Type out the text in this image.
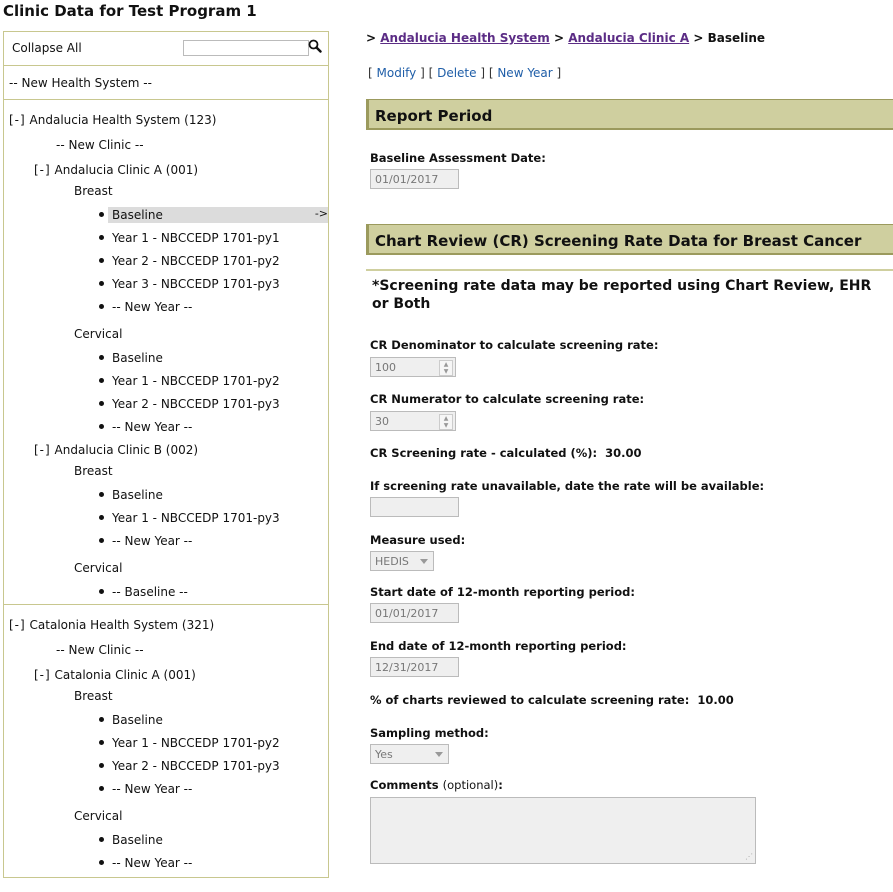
Clinic Data for Test Program 1
Collapse All
-- New Health System --
[-] Andalucia Health System (123)
-- New Clinic --
[-] Andalucia Clinic A (001)
Breast
->
Baseline
Year 1 - NBCCEDP 1701-py1
Year 2 - NBCCEDP 1701-py2
Year 3 - NBCCEDP 1701-py3
-- New Year --
Cervical
Baseline
Year 1 - NBCCEDP 1701-py2
Year 2 - NBCCEDP 1701-py3
-- New Year --
[-] Andalucia Clinic B (002)
Breast
Baseline
Year 1 - NBCCEDP 1701-py3
-- New Year --
Cervical
-- Baseline --
[-] Catalonia Health System (321)
-- New Clinic --
[-] Catalonia Clinic A (001)
Breast
Baseline
Year 1 - NBCCEDP 1701-py2
Year 2 - NBCCEDP 1701-py3
-- New Year --
Cervical
Baseline
-- New Year --
> Andalucia Health System > Andalucia Clinic A > Baseline
[ Modify ] [ Delete ] [ New Year ]
Report Period
Baseline Assessment Date:
01/01/2017
Chart Review (CR) Screening Rate Data for Breast Cancer
*Screening rate data may be reported using Chart Review, EHR or Both
CR Denominator to calculate screening rate:
100	▲
▼
CR Numerator to calculate screening rate:
30	▲
▼
CR Screening rate - calculated (%): 30.00
If screening rate unavailable, date the rate will be available:
Measure used:
HEDIS
Start date of 12-month reporting period:
01/01/2017
End date of 12-month reporting period:
12/31/2017
% of charts reviewed to calculate screening rate: 10.00
Sampling method:
Yes
Comments (optional):
⋰
